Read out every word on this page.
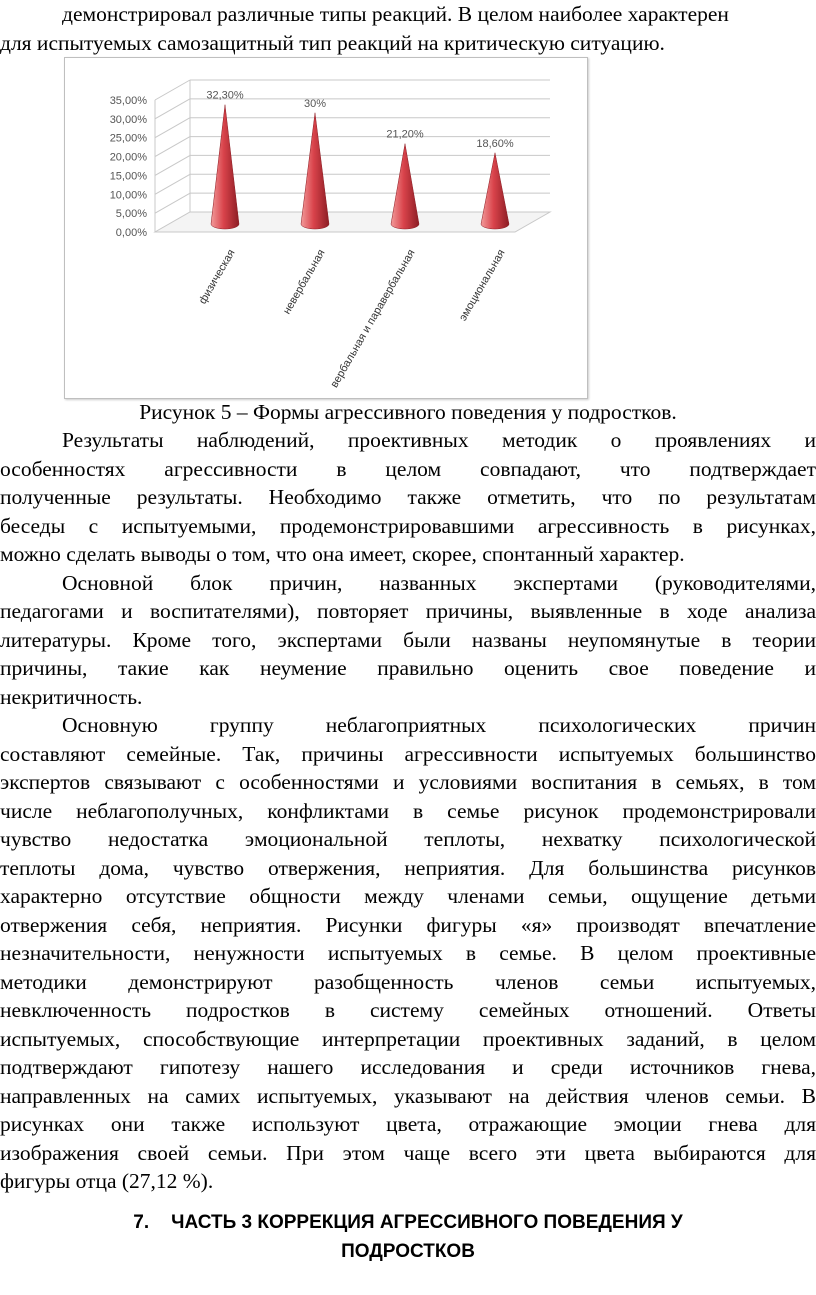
демонстрировал различные типы реакций. В целом наиболее характерен
для испытуемых самозащитный тип реакций на критическую ситуацию.
0,00%
5,00%
10,00%
15,00%
20,00%
25,00%
30,00%
35,00%	32,30%
30%
21,20%
18,60%
физическая	невербальная вербальная и паравербальная	эмоциональная
Рисунок 5 – Формы агрессивного поведения у подростков.
Результаты наблюдений, проективных методик о проявлениях и
особенностях агрессивности в целом совпадают, что подтверждает
полученные результаты. Необходимо также отметить, что по результатам
беседы с испытуемыми, продемонстрировавшими агрессивность в рисунках,
можно сделать выводы о том, что она имеет, скорее, спонтанный характер.
Основной блок причин, названных экспертами (руководителями,
педагогами и воспитателями), повторяет причины, выявленные в ходе анализа
литературы. Кроме того, экспертами были названы неупомянутые в теории
причины, такие как неумение правильно оценить свое поведение и
некритичность.
Основную группу неблагоприятных психологических причин
составляют семейные. Так, причины агрессивности испытуемых большинство
экспертов связывают с особенностями и условиями воспитания в семьях, в том
числе неблагополучных, конфликтами в семье рисунок продемонстрировали
чувство недостатка эмоциональной теплоты, нехватку психологической
теплоты дома, чувство отвержения, неприятия. Для большинства рисунков
характерно отсутствие общности между членами семьи, ощущение детьми
отвержения себя, неприятия. Рисунки фигуры «я» производят впечатление
незначительности, ненужности испытуемых в семье. В целом проективные
методики демонстрируют разобщенность членов семьи испытуемых,
невключенность подростков в систему семейных отношений. Ответы
испытуемых, способствующие интерпретации проективных заданий, в целом
подтверждают гипотезу нашего исследования и среди источников гнева,
направленных на самих испытуемых, указывают на действия членов семьи. В
рисунках они также используют цвета, отражающие эмоции гнева для
изображения своей семьи. При этом чаще всего эти цвета выбираются для
фигуры отца (27,12 %).
7. ЧАСТЬ 3 КОРРЕКЦИЯ АГРЕССИВНОГО ПОВЕДЕНИЯ У
ПОДРОСТКОВ
